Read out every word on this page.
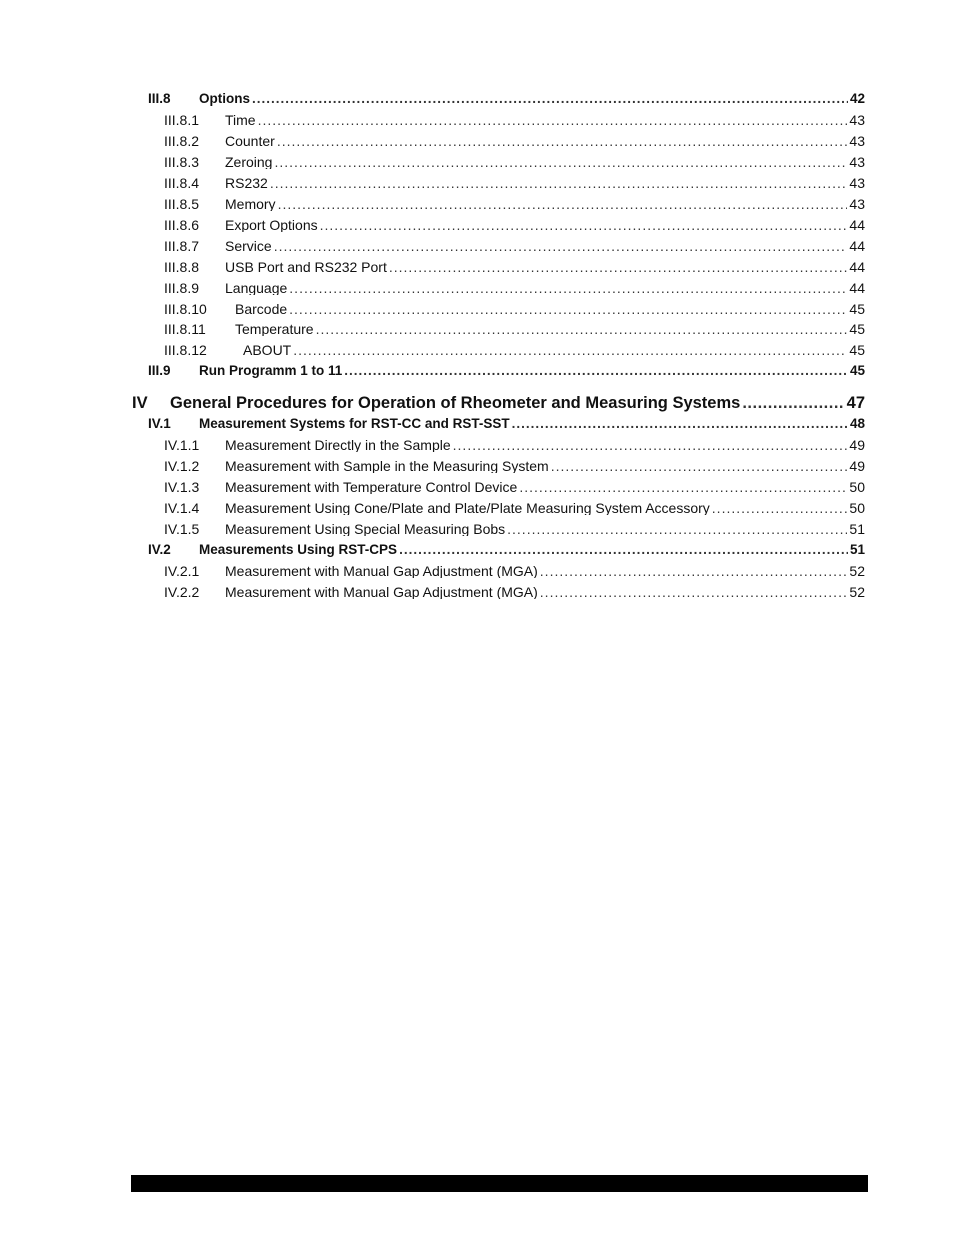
III.8	Options .....	42
III.8.1	Time .....	43
III.8.2	Counter .....	43
III.8.3	Zeroing .....	43
III.8.4	RS232 .....	43
III.8.5	Memory .....	43
III.8.6	Export Options .....	44
III.8.7	Service .....	44
III.8.8	USB Port and RS232 Port .....	44
III.8.9	Language .....	44
III.8.10	Barcode .....	45
III.8.11	Temperature .....	45
III.8.12	ABOUT .....	45
III.9	Run Programm 1 to 11 .....	45
IV	General Procedures for Operation of Rheometer and Measuring Systems .....	47
IV.1	Measurement Systems for RST-CC and RST-SST .....	48
IV.1.1	Measurement Directly in the Sample .....	49
IV.1.2	Measurement with Sample in the Measuring System .....	49
IV.1.3	Measurement with Temperature Control Device .....	50
IV.1.4	Measurement Using Cone/Plate and Plate/Plate Measuring System Accessory .....	50
IV.1.5	Measurement Using Special Measuring Bobs .....	51
IV.2	Measurements Using RST-CPS .....	51
IV.2.1	Measurement with Manual Gap Adjustment (MGA) .....	52
IV.2.2	Measurement with Manual Gap Adjustment (MGA) .....	52
